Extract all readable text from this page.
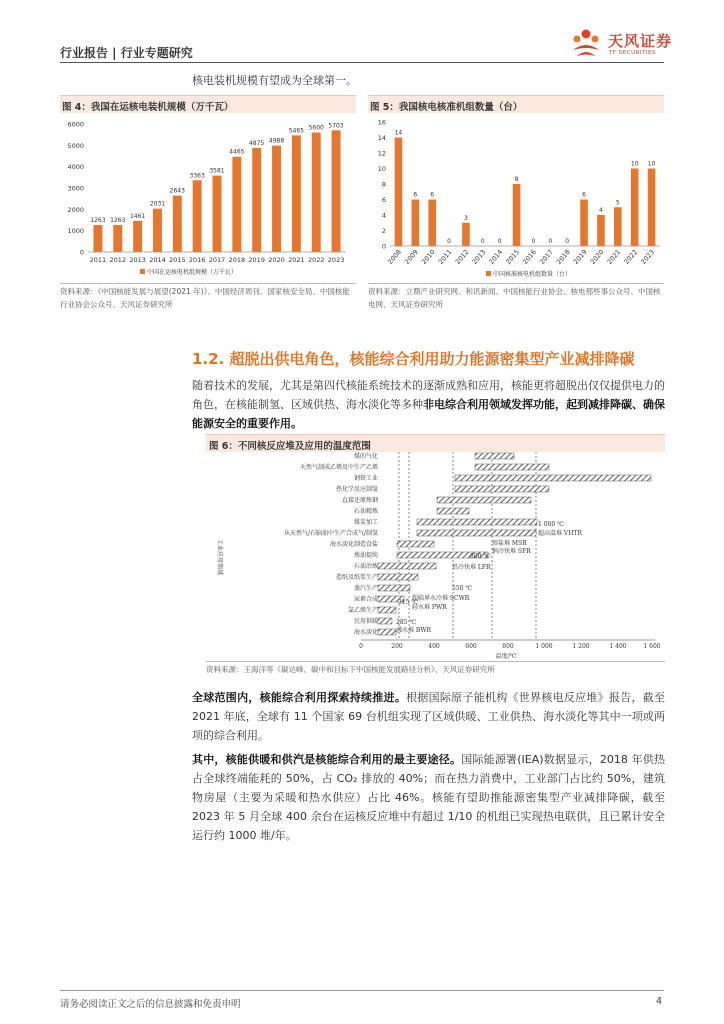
行业报告 | 行业专题研究
天风证券
TF SECURITIES
核电装机规模有望成为全球第一。
图 4：我国在运核电装机规模（万千瓦）
0
1000
2000
3000
4000
5000
6000
1263
2011
1263
2012
1461
2013
2031
2014
2643
2015
3363
2016
3581
2017
4465
2018
4875
2019
4988
2020
5465
2021
5600
2022
5703
2023
中国在运核电机组规模（万千瓦）
资料来源：《中国核能发展与展望(2021 年)》、中国经济周刊、国家核安全局、中国核能行业协会公众号、天风证券研究所
图 5：我国核电核准机组数量（台）
0
2
4
6
8
10
12
14
16
14
2008
6
2009
6
2010
0
2011
3
2012
0
2013
0
2014
8
2015
0
2016
0
2017
0
2018
6
2019
4
2020
5
2021
10
2022
10
2023
中国核准核电机组数量（台）
资料来源：立鼎产业研究网、和讯新闻、中国核能行业协会、核电那些事公众号、中国核电网、天风证券研究所
1.2. 超脱出供电角色，核能综合利用助力能源密集型产业减排降碳
随着技术的发展，尤其是第四代核能系统技术的逐渐成熟和应用，核能更将超脱出仅仅提供电力的角色，在核能制氢、区域供热、海水淡化等多种非电综合利用领域发挥功能，起到减排降碳、确保能源安全的重要作用。
图 6：不同核反应堆及应用的温度范围
工业应用领域
煤的气化
天然气制成乙烯及中生产乙烯
钢铁工业
热化学反应制氢
直接还原炼钢
石油精炼
煤炭加工
从天然气/石脑油中生产合成气/制氢
海水淡化制造食盐
炼油提纯
石油冶炼
造纸及纸浆生产
蒸汽生产
尿素合成
氯乙烯生产
民用供暖
海水淡化
1 000 ℃
超高温堆 VHTR
熔盐堆 MSR
钠冷快堆 SFR
铅冷快堆 LFR
超临界水冷堆 SCWR
轻水堆 PWR
800 ℃
550 ℃
315 ℃
285 ℃
沸水堆 BWR
0	200	400	600	800	1 000	1 200	1 400	1 600
温度/℃
资料来源：王海洋等《碳达峰、碳中和目标下中国核能发展路径分析》、天风证券研究所
全球范围内，核能综合利用探索持续推进。根据国际原子能机构《世界核电反应堆》报告，截至 2021 年底，全球有 11 个国家 69 台机组实现了区域供暖、工业供热、海水淡化等其中一项或两项的综合利用。
其中，核能供暖和供汽是核能综合利用的最主要途径。国际能源署(IEA)数据显示，2018 年供热占全球终端能耗的 50%，占 CO₂ 排放的 40%；而在热力消费中，工业部门占比约 50%，建筑物房屋（主要为采暖和热水供应）占比 46%。核能有望助推能源密集型产业减排降碳，截至 2023 年 5 月全球 400 余台在运核反应堆中有超过 1/10 的机组已实现热电联供，且已累计安全运行约 1000 堆/年。
请务必阅读正文之后的信息披露和免责申明	4
